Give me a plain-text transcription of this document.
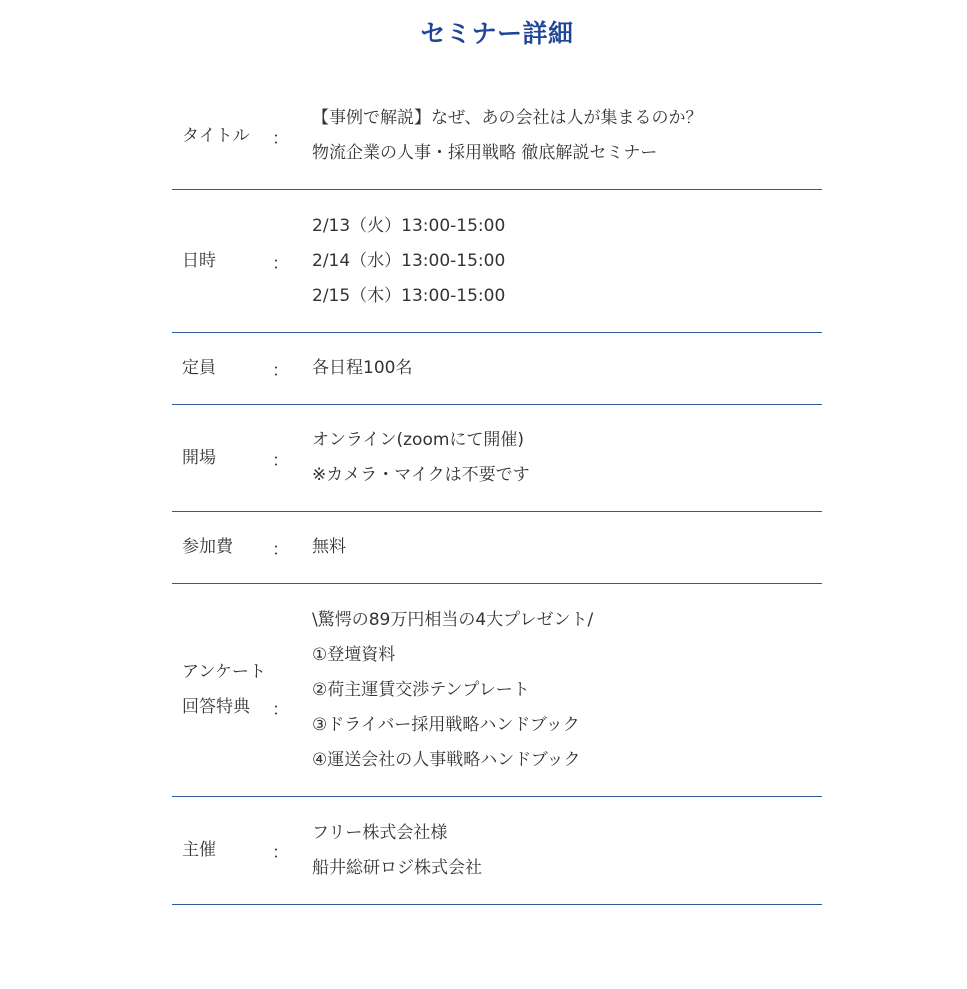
セミナー詳細
タイトル	：
【事例で解説】なぜ、あの会社は人が集まるのか？
物流企業の人事・採用戦略 徹底解説セミナー
日時	：
2/13（火）13:00-15:00
2/14（水）13:00-15:00
2/15（木）13:00-15:00
定員	：	各日程100名
開場	：
オンライン(zoomにて開催)
※カメラ・マイクは不要です
参加費	：	無料
アンケート
回答特典	：
\驚愕の89万円相当の4大プレゼント/
①登壇資料
②荷主運賃交渉テンプレート
③ドライバー採用戦略ハンドブック
④運送会社の人事戦略ハンドブック
主催	：
フリー株式会社様
船井総研ロジ株式会社
